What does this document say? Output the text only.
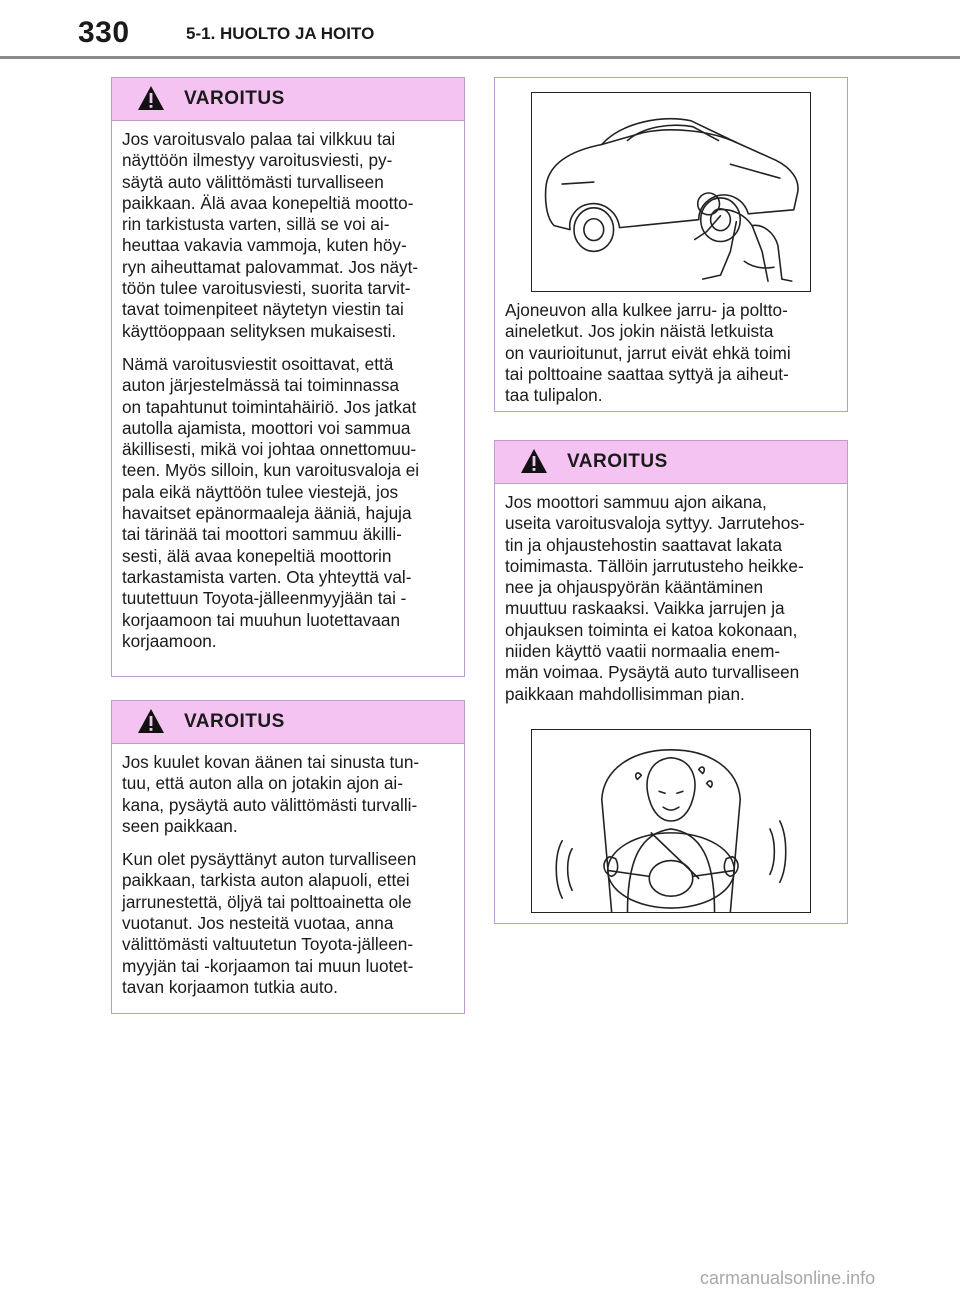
330	5-1. HUOLTO JA HOITO
VAROITUS

Jos varoitusvalo palaa tai vilkkuu tai
näyttöön ilmestyy varoitusviesti, py-
säytä auto välittömästi turvalliseen
paikkaan. Älä avaa konepeltiä mootto-
rin tarkistusta varten, sillä se voi ai-
heuttaa vakavia vammoja, kuten höy-
ryn aiheuttamat palovammat. Jos näyt-
töön tulee varoitusviesti, suorita tarvit-
tavat toimenpiteet näytetyn viestin tai
käyttöoppaan selityksen mukaisesti.

Nämä varoitusviestit osoittavat, että
auton järjestelmässä tai toiminnassa
on tapahtunut toimintahäiriö. Jos jatkat
autolla ajamista, moottori voi sammua
äkillisesti, mikä voi johtaa onnettomuu-
teen. Myös silloin, kun varoitusvaloja ei
pala eikä näyttöön tulee viestejä, jos
havaitset epänormaaleja ääniä, hajuja
tai tärinää tai moottori sammuu äkilli-
sesti, älä avaa konepeltiä moottorin
tarkastamista varten. Ota yhteyttä val-
tuutettuun Toyota-jälleenmyyjään tai -
korjaamoon tai muuhun luotettavaan
korjaamoon.

VAROITUS

Jos kuulet kovan äänen tai sinusta tun-
tuu, että auton alla on jotakin ajon ai-
kana, pysäytä auto välittömästi turvalli-
seen paikkaan.

Kun olet pysäyttänyt auton turvalliseen
paikkaan, tarkista auton alapuoli, ettei
jarrunestettä, öljyä tai polttoainetta ole
vuotanut. Jos nesteitä vuotaa, anna
välittömästi valtuutetun Toyota-jälleen-
myyjän tai -korjaamon tai muun luotet-
tavan korjaamon tutkia auto.

Ajoneuvon alla kulkee jarru- ja poltto-
aineletkut. Jos jokin näistä letkuista
on vaurioitunut, jarrut eivät ehkä toimi
tai polttoaine saattaa syttyä ja aiheut-
taa tulipalon.

VAROITUS

Jos moottori sammuu ajon aikana,
useita varoitusvaloja syttyy. Jarrutehos-
tin ja ohjaustehostin saattavat lakata
toimimasta. Tällöin jarrutusteho heikke-
nee ja ohjauspyörän kääntäminen
muuttuu raskaaksi. Vaikka jarrujen ja
ohjauksen toiminta ei katoa kokonaan,
niiden käyttö vaatii normaalia enem-
män voimaa. Pysäytä auto turvalliseen
paikkaan mahdollisimman pian.

carmanualsonline.info
